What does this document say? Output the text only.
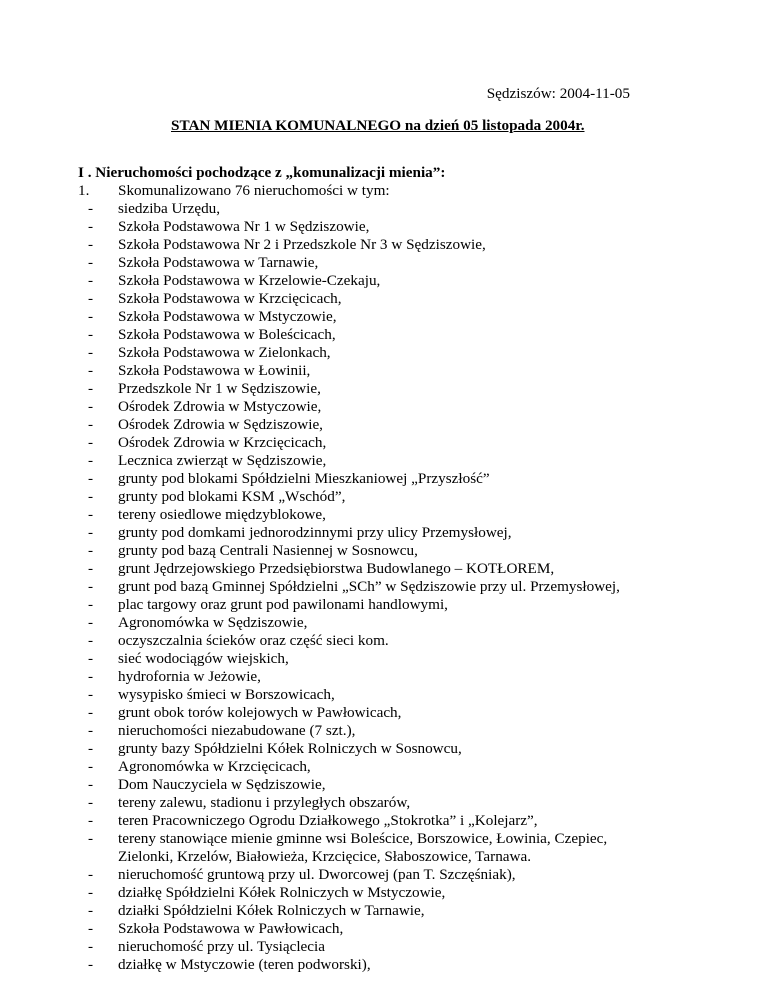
Sędziszów: 2004-11-05
STAN MIENIA KOMUNALNEGO na dzień 05 listopada 2004r.
I . Nieruchomości pochodzące z „komunalizacji mienia”:
1. Skomunalizowano 76 nieruchomości w tym:
- siedziba Urzędu,
- Szkoła Podstawowa Nr 1 w Sędziszowie,
- Szkoła Podstawowa Nr 2 i Przedszkole Nr 3 w Sędziszowie,
- Szkoła Podstawowa w Tarnawie,
- Szkoła Podstawowa w Krzelowie-Czekaju,
- Szkoła Podstawowa w Krzcięcicach,
- Szkoła Podstawowa w Mstyczowie,
- Szkoła Podstawowa w Boleścicach,
- Szkoła Podstawowa w Zielonkach,
- Szkoła Podstawowa w Łowinii,
- Przedszkole Nr 1 w Sędziszowie,
- Ośrodek Zdrowia w Mstyczowie,
- Ośrodek Zdrowia w Sędziszowie,
- Ośrodek Zdrowia w Krzcięcicach,
- Lecznica zwierząt w Sędziszowie,
- grunty pod blokami Spółdzielni Mieszkaniowej „Przyszłość”
- grunty pod blokami KSM „Wschód”,
- tereny osiedlowe międzyblokowe,
- grunty pod domkami jednorodzinnymi przy ulicy Przemysłowej,
- grunty pod bazą Centrali Nasiennej w Sosnowcu,
- grunt Jędrzejowskiego Przedsiębiorstwa Budowlanego – KOTŁOREM,
- grunt pod bazą Gminnej Spółdzielni „SCh” w Sędziszowie przy ul. Przemysłowej,
- plac targowy oraz grunt pod pawilonami handlowymi,
- Agronomówka w Sędziszowie,
- oczyszczalnia ścieków oraz część sieci kom.
- sieć wodociągów wiejskich,
- hydrofornia w Jeżowie,
- wysypisko śmieci w Borszowicach,
- grunt obok torów kolejowych w Pawłowicach,
- nieruchomości niezabudowane (7 szt.),
- grunty bazy Spółdzielni Kółek Rolniczych w Sosnowcu,
- Agronomówka w Krzcięcicach,
- Dom Nauczyciela w Sędziszowie,
- tereny zalewu, stadionu i przyległych obszarów,
- teren Pracowniczego Ogrodu Działkowego „Stokrotka” i „Kolejarz”,
- tereny stanowiące mienie gminne wsi Boleścice, Borszowice, Łowinia, Czepiec,
Zielonki, Krzelów, Białowieża, Krzcięcice, Słaboszowice, Tarnawa.
- nieruchomość gruntową przy ul. Dworcowej (pan T. Szczęśniak),
- działkę Spółdzielni Kółek Rolniczych w Mstyczowie,
- działki Spółdzielni Kółek Rolniczych w Tarnawie,
- Szkoła Podstawowa w Pawłowicach,
- nieruchomość przy ul. Tysiąclecia
- działkę w Mstyczowie (teren podworski),
